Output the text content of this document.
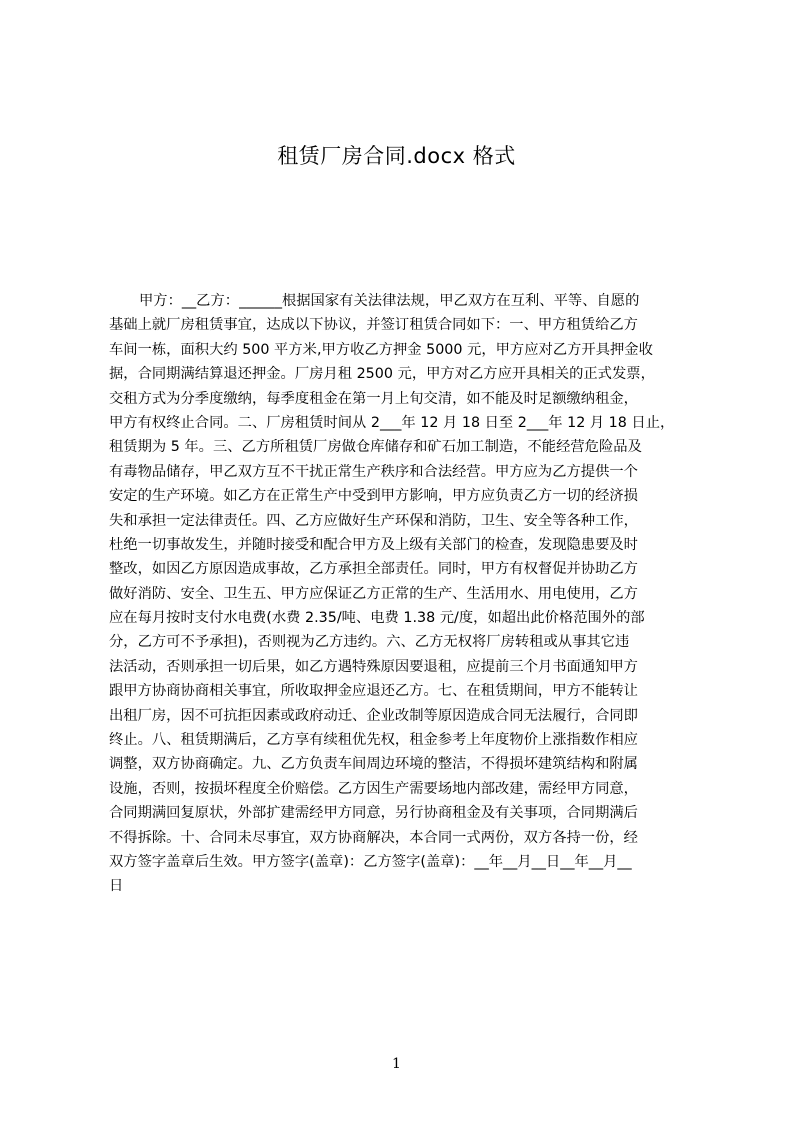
租赁厂房合同.docx 格式
甲方：__乙方：______根据国家有关法律法规，甲乙双方在互利、平等、自愿的
基础上就厂房租赁事宜，达成以下协议，并签订租赁合同如下：一、甲方租赁给乙方
车间一栋，面积大约 500 平方米,甲方收乙方押金 5000 元，甲方应对乙方开具押金收
据，合同期满结算退还押金。厂房月租 2500 元，甲方对乙方应开具相关的正式发票，
交租方式为分季度缴纳，每季度租金在第一月上旬交清，如不能及时足额缴纳租金，
甲方有权终止合同。二、厂房租赁时间从 2___年 12 月 18 日至 2___年 12 月 18 日止，
租赁期为 5 年。三、乙方所租赁厂房做仓库储存和矿石加工制造，不能经营危险品及
有毒物品储存，甲乙双方互不干扰正常生产秩序和合法经营。甲方应为乙方提供一个
安定的生产环境。如乙方在正常生产中受到甲方影响，甲方应负责乙方一切的经济损
失和承担一定法律责任。四、乙方应做好生产环保和消防，卫生、安全等各种工作，
杜绝一切事故发生，并随时接受和配合甲方及上级有关部门的检查，发现隐患要及时
整改，如因乙方原因造成事故，乙方承担全部责任。同时，甲方有权督促并协助乙方
做好消防、安全、卫生五、甲方应保证乙方正常的生产、生活用水、用电使用，乙方
应在每月按时支付水电费(水费 2.35/吨、电费 1.38 元/度，如超出此价格范围外的部
分，乙方可不予承担)，否则视为乙方违约。六、乙方无权将厂房转租或从事其它违
法活动，否则承担一切后果，如乙方遇特殊原因要退租，应提前三个月书面通知甲方
跟甲方协商协商相关事宜，所收取押金应退还乙方。七、在租赁期间，甲方不能转让
出租厂房，因不可抗拒因素或政府动迁、企业改制等原因造成合同无法履行，合同即
终止。八、租赁期满后，乙方享有续租优先权，租金参考上年度物价上涨指数作相应
调整，双方协商确定。九、乙方负责车间周边环境的整洁，不得损坏建筑结构和附属
设施，否则，按损坏程度全价赔偿。乙方因生产需要场地内部改建，需经甲方同意，
合同期满回复原状，外部扩建需经甲方同意，另行协商租金及有关事项，合同期满后
不得拆除。十、合同未尽事宜，双方协商解决，本合同一式两份，双方各持一份，经
双方签字盖章后生效。甲方签字(盖章)：乙方签字(盖章)：__年__月__日__年__月__
日
1
